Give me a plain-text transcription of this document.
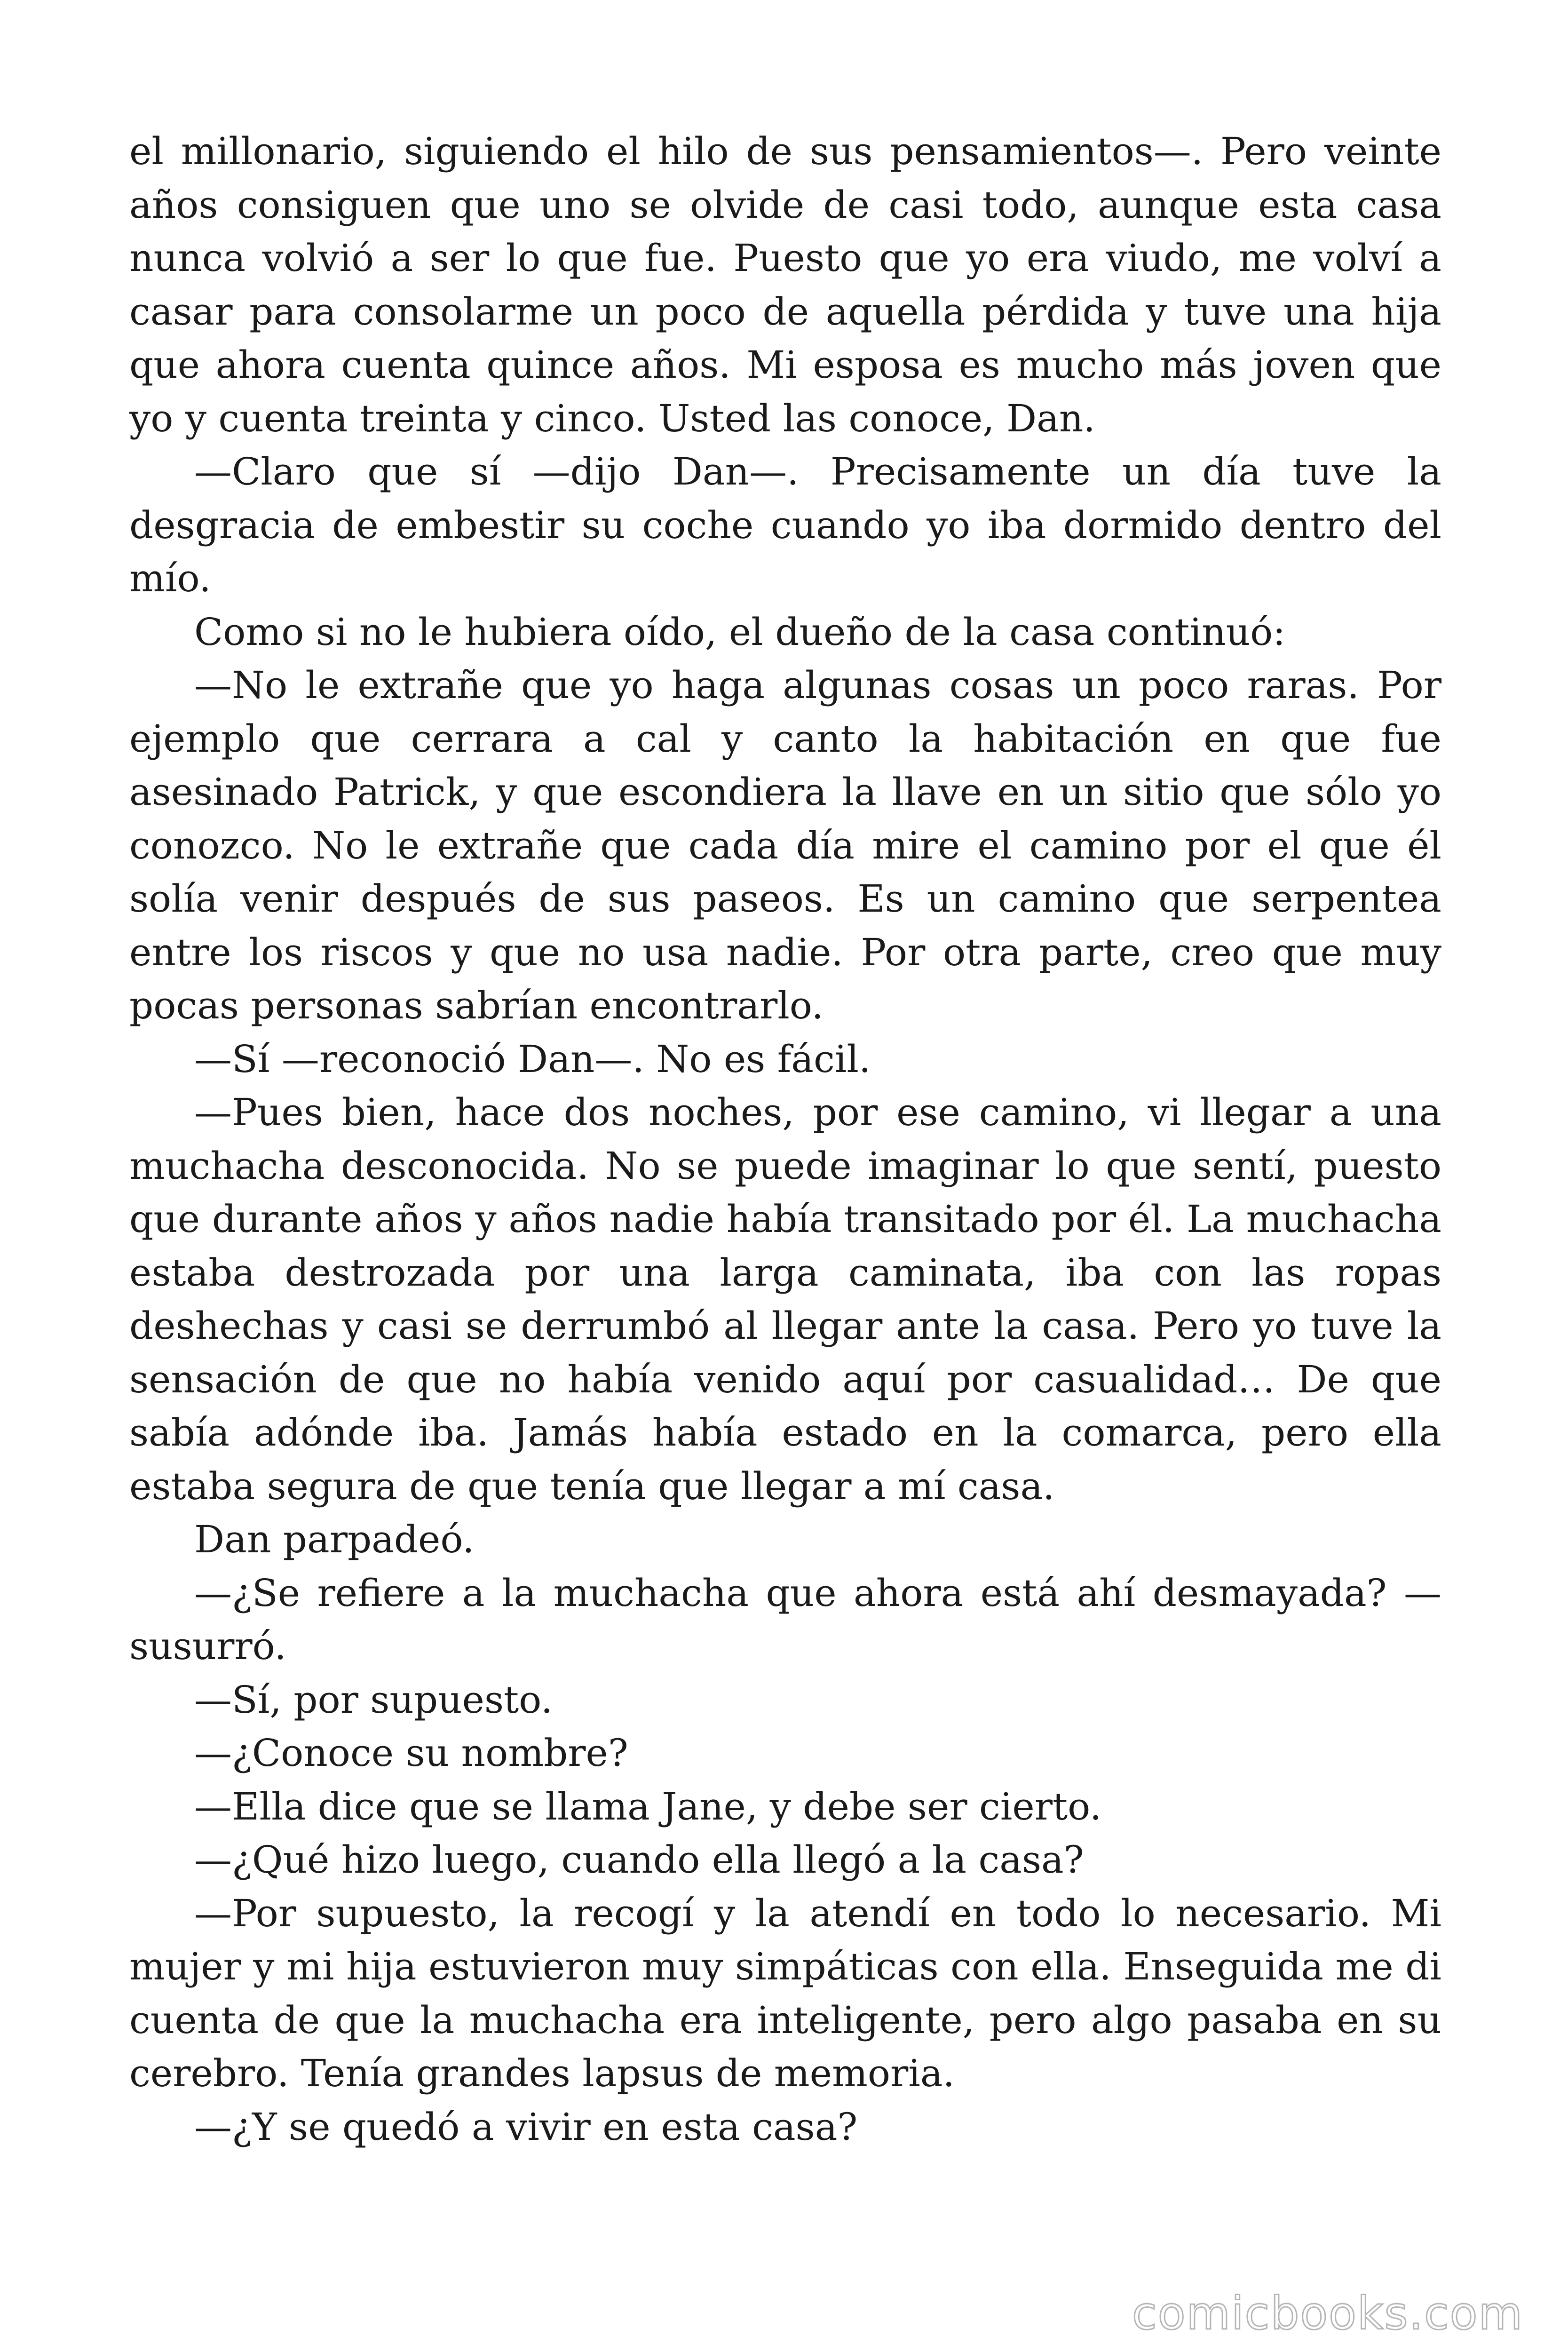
el millonario, siguiendo el hilo de sus pensamientos—. Pero veinte años consiguen que uno se olvide de casi todo, aunque esta casa nunca volvió a ser lo que fue. Puesto que yo era viudo, me volví a casar para consolarme un poco de aquella pérdida y tuve una hija que ahora cuenta quince años. Mi esposa es mucho más joven que yo y cuenta treinta y cinco. Usted las conoce, Dan.

—Claro que sí —dijo Dan—. Precisamente un día tuve la desgracia de embestir su coche cuando yo iba dormido dentro del mío.

Como si no le hubiera oído, el dueño de la casa continuó:

—No le extrañe que yo haga algunas cosas un poco raras. Por ejemplo que cerrara a cal y canto la habitación en que fue asesinado Patrick, y que escondiera la llave en un sitio que sólo yo conozco. No le extrañe que cada día mire el camino por el que él solía venir después de sus paseos. Es un camino que serpentea entre los riscos y que no usa nadie. Por otra parte, creo que muy pocas personas sabrían encontrarlo.

—Sí —reconoció Dan—. No es fácil.

—Pues bien, hace dos noches, por ese camino, vi llegar a una muchacha desconocida. No se puede imaginar lo que sentí, puesto que durante años y años nadie había transitado por él. La muchacha estaba destrozada por una larga caminata, iba con las ropas deshechas y casi se derrumbó al llegar ante la casa. Pero yo tuve la sensación de que no había venido aquí por casualidad… De que sabía adónde iba. Jamás había estado en la comarca, pero ella estaba segura de que tenía que llegar a mí casa.

Dan parpadeó.

—¿Se refiere a la muchacha que ahora está ahí desmayada? —susurró.

—Sí, por supuesto.

—¿Conoce su nombre?

—Ella dice que se llama Jane, y debe ser cierto.

—¿Qué hizo luego, cuando ella llegó a la casa?

—Por supuesto, la recogí y la atendí en todo lo necesario. Mi mujer y mi hija estuvieron muy simpáticas con ella. Enseguida me di cuenta de que la muchacha era inteligente, pero algo pasaba en su cerebro. Tenía grandes lapsus de memoria.

—¿Y se quedó a vivir en esta casa?

comicbooks.com
